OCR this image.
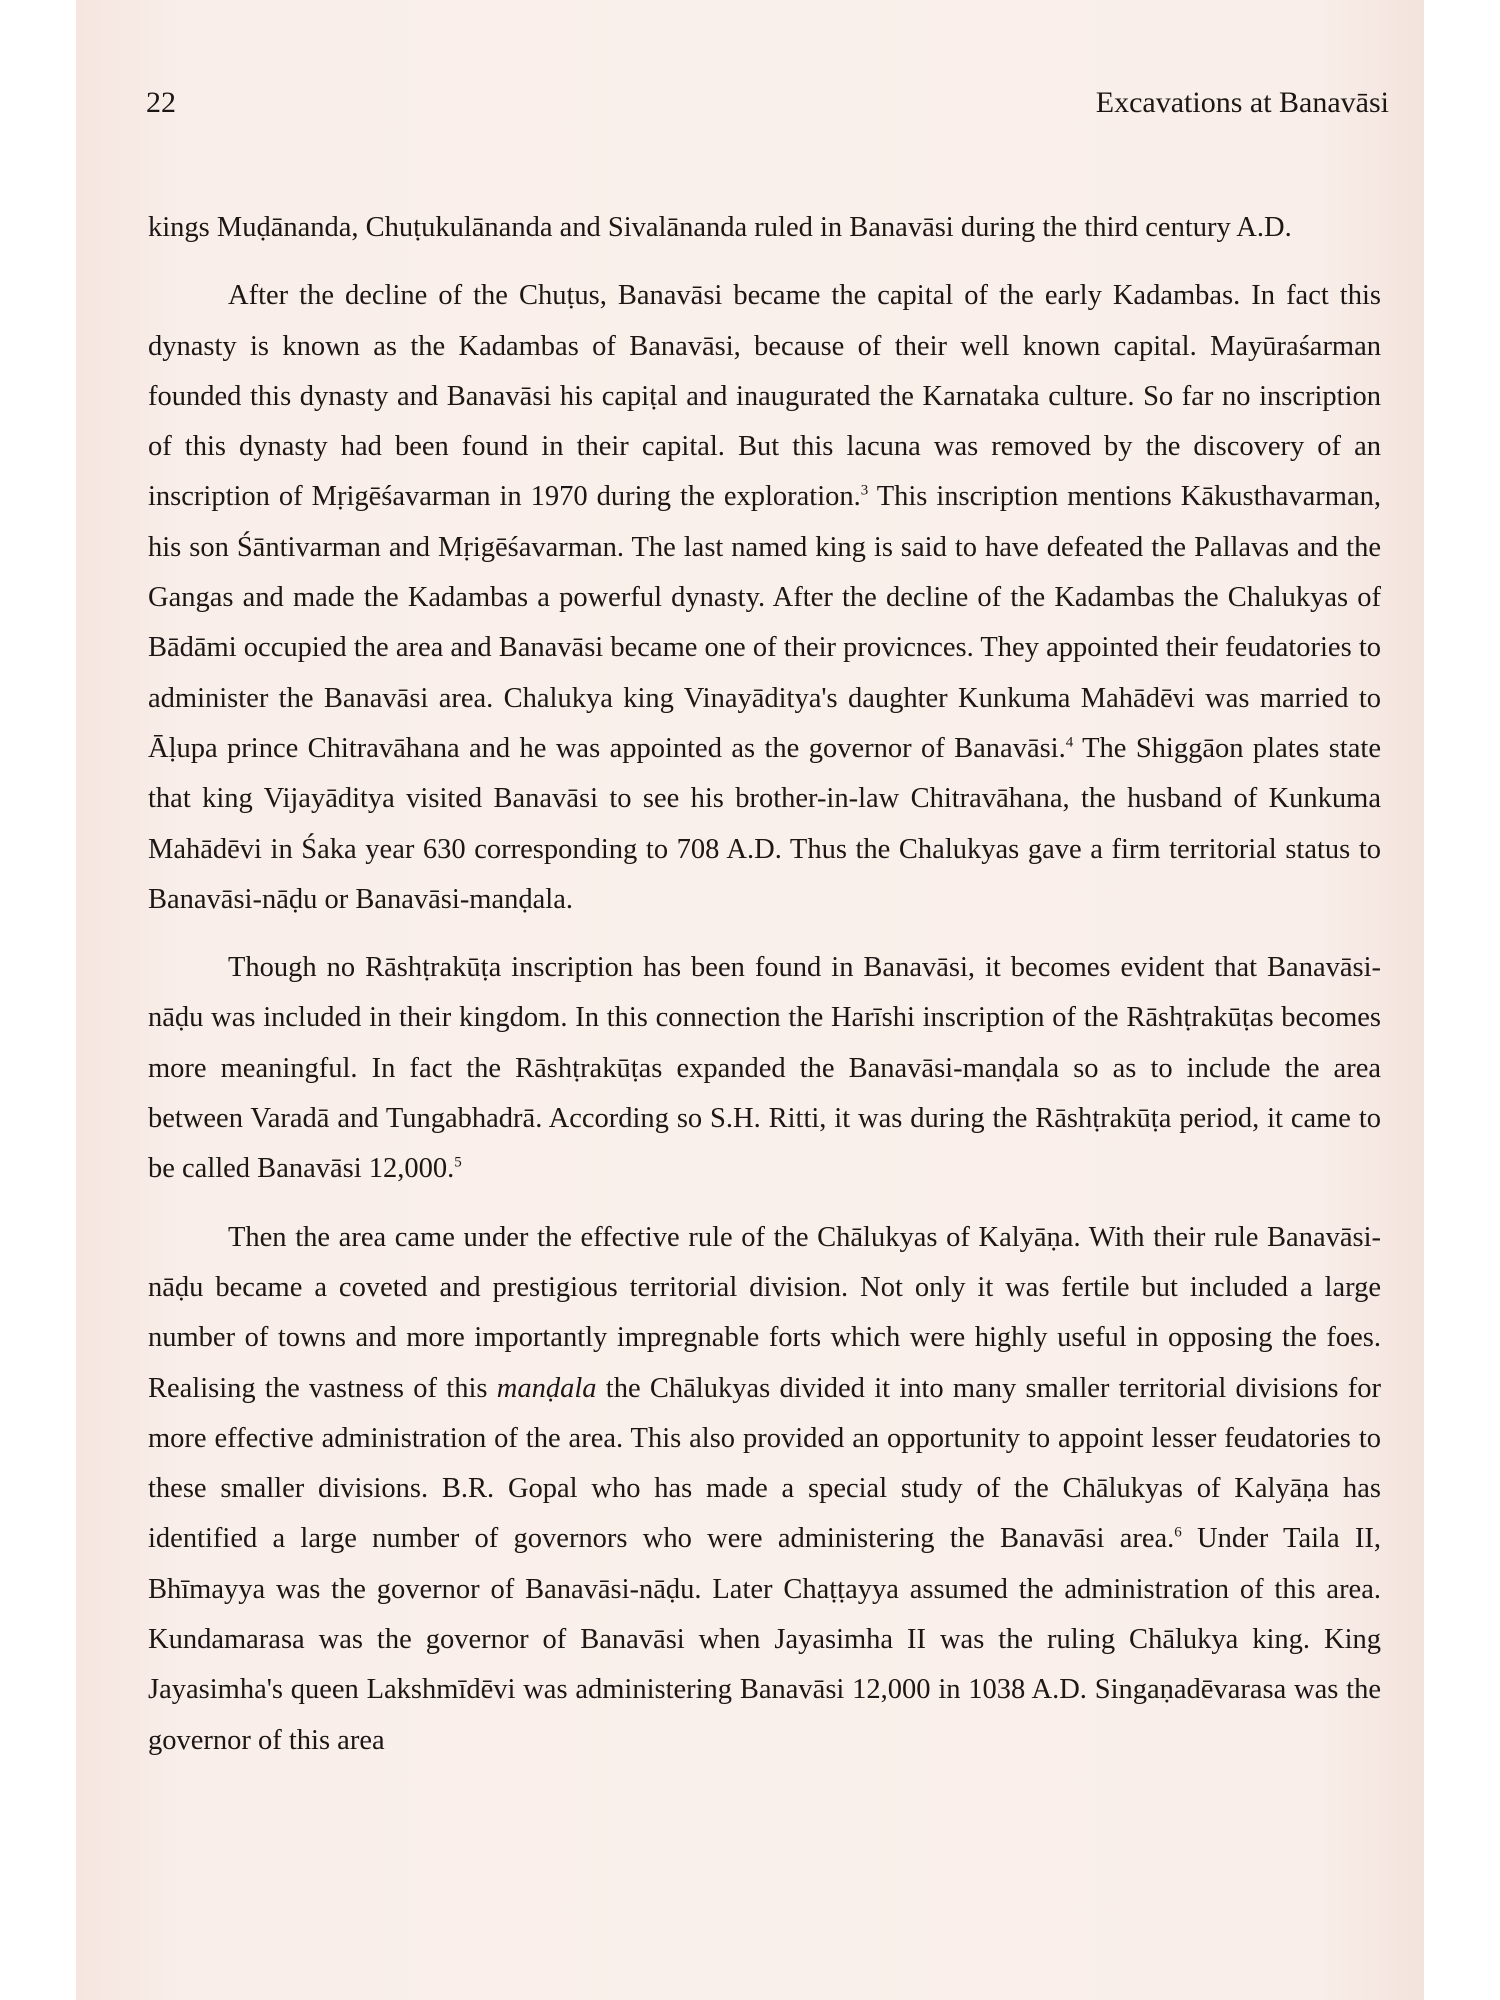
22	Excavations at Banavāsi

kings Muḍānanda, Chuṭukulānanda and Sivalānanda ruled in Banavāsi during the third century A.D.

After the decline of the Chuṭus, Banavāsi became the capital of the early Kadambas. In fact this dynasty is known as the Kadambas of Banavāsi, because of their well known capital. Mayūraśarman founded this dynasty and Banavāsi his capiṭal and inaugurated the Karnataka culture. So far no inscription of this dynasty had been found in their capital. But this lacuna was removed by the discovery of an inscription of Mṛigēśavarman in 1970 during the exploration.$^3$ This inscription mentions Kākusthavarman, his son Śāntivarman and Mṛigēśavarman. The last named king is said to have defeated the Pallavas and the Gangas and made the Kadambas a powerful dynasty. After the decline of the Kadambas the Chalukyas of Bādāmi occupied the area and Banavāsi became one of their provicnces. They appointed their feudatories to administer the Banavāsi area. Chalukya king Vinayāditya's daughter Kunkuma Mahādēvi was married to Āḷupa prince Chitravāhana and he was appointed as the governor of Banavāsi.$^4$ The Shiggāon plates state that king Vijayāditya visited Banavāsi to see his brother-in-law Chitravāhana, the husband of Kunkuma Mahādēvi in Śaka year 630 corresponding to 708 A.D. Thus the Chalukyas gave a firm territorial status to Banavāsi-nāḍu or Banavāsi-manḍala.

Though no Rāshṭrakūṭa inscription has been found in Banavāsi, it becomes evident that Banavāsi-nāḍu was included in their kingdom. In this connection the Harīshi inscription of the Rāshṭrakūṭas becomes more meaningful. In fact the Rāshṭrakūṭas expanded the Banavāsi-manḍala so as to include the area between Varadā and Tungabhadrā. According so S.H. Ritti, it was during the Rāshṭrakūṭa period, it came to be called Banavāsi 12,000.$^5$

Then the area came under the effective rule of the Chālukyas of Kalyāṇa. With their rule Banavāsi-nāḍu became a coveted and prestigious territorial division. Not only it was fertile but included a large number of towns and more importantly impregnable forts which were highly useful in opposing the foes. Realising the vastness of this manḍala the Chālukyas divided it into many smaller territorial divisions for more effective administration of the area. This also provided an opportunity to appoint lesser feudatories to these smaller divisions. B.R. Gopal who has made a special study of the Chālukyas of Kalyāṇa has identified a large number of governors who were administering the Banavāsi area.$^6$ Under Taila II, Bhīmayya was the governor of Banavāsi-nāḍu. Later Chaṭṭayya assumed the administration of this area. Kundamarasa was the governor of Banavāsi when Jayasimha II was the ruling Chālukya king. King Jayasimha's queen Lakshmīdēvi was administering Banavāsi 12,000 in 1038 A.D. Singaṇadēvarasa was the governor of this area
